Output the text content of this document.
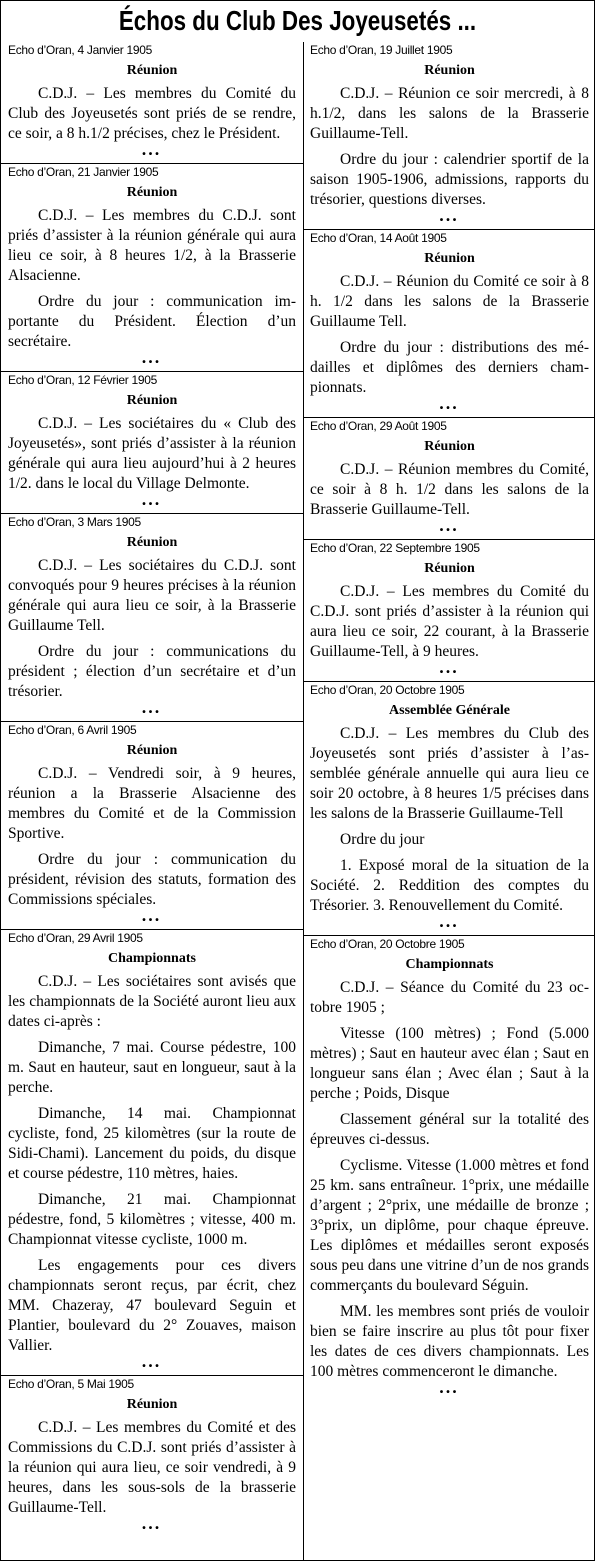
Échos du Club Des Joyeusetés ...
Echo d’Oran, 4 Janvier 1905
Réunion

C.D.J. – Les membres du Comité du Club des Joyeusetés sont priés de se rendre, ce soir, a 8 h.1/2 précises, chez le Président.

•••
Echo d’Oran, 21 Janvier 1905
Réunion

C.D.J. – Les membres du C.D.J. sont priés d’assister à la réunion générale qui aura lieu ce soir, à 8 heures 1/2, à la Brasserie Alsacienne.

Ordre du jour : communication importante du Président. Élection d’un secrétaire.

•••
Echo d’Oran, 12 Février 1905
Réunion

C.D.J. – Les sociétaires du « Club des Joyeusetés», sont priés d’assister à la réunion générale qui aura lieu aujourd’hui à 2 heures 1/2. dans le local du Village Delmonte.

•••
Echo d’Oran, 3 Mars 1905
Réunion

C.D.J. – Les sociétaires du C.D.J. sont convoqués pour 9 heures précises à la réunion générale qui aura lieu ce soir, à la Brasserie Guillaume Tell.

Ordre du jour : communications du président ; élection d’un secrétaire et d’un trésorier.

•••
Echo d’Oran, 6 Avril 1905
Réunion

C.D.J. – Vendredi soir, à 9 heures, réunion a la Brasserie Alsacienne des membres du Comité et de la Commission Sportive.

Ordre du jour : communication du président, révision des statuts, formation des Commissions spéciales.

•••
Echo d’Oran, 29 Avril 1905
Championnats

C.D.J. – Les sociétaires sont avisés que les championnats de la Société auront lieu aux dates ci-après :

Dimanche, 7 mai. Course pédestre, 100 m. Saut en hauteur, saut en longueur, saut à la perche.

Dimanche, 14 mai. Championnat cycliste, fond, 25 kilomètres (sur la route de Sidi-Chami). Lancement du poids, du disque et course pédestre, 110 mètres, haies.

Dimanche, 21 mai. Championnat pédestre, fond, 5 kilomètres ; vitesse, 400 m. Championnat vitesse cycliste, 1000 m.

Les engagements pour ces divers championnats seront reçus, par écrit, chez MM. Chazeray, 47 boulevard Seguin et Plantier, boulevard du 2° Zouaves, maison Vallier.

•••
Echo d’Oran, 5 Mai 1905
Réunion

C.D.J. – Les membres du Comité et des Commissions du C.D.J. sont priés d’assister à la réunion qui aura lieu, ce soir vendredi, à 9 heures, dans les sous-sols de la brasserie Guillaume-Tell.

•••
Echo d’Oran, 19 Juillet 1905
Réunion

C.D.J. – Réunion ce soir mercredi, à 8 h.1/2, dans les salons de la Brasserie Guillaume-Tell.

Ordre du jour : calendrier sportif de la saison 1905-1906, admissions, rapports du trésorier, questions diverses.

•••
Echo d’Oran, 14 Août 1905
Réunion

C.D.J. – Réunion du Comité ce soir à 8 h. 1/2 dans les salons de la Brasserie Guillaume Tell.

Ordre du jour : distributions des médailles et diplômes des derniers championnats.

•••
Echo d’Oran, 29 Août 1905
Réunion

C.D.J. – Réunion membres du Comité, ce soir à 8 h. 1/2 dans les salons de la Brasserie Guillaume-Tell.

•••
Echo d’Oran, 22 Septembre 1905
Réunion

C.D.J. – Les membres du Comité du C.D.J. sont priés d’assister à la réunion qui aura lieu ce soir, 22 courant, à la Brasserie Guillaume-Tell, à 9 heures.

•••
Echo d’Oran, 20 Octobre 1905
Assemblée Générale

C.D.J. – Les membres du Club des Joyeusetés sont priés d’assister à l’assemblée générale annuelle qui aura lieu ce soir 20 octobre, à 8 heures 1/5 précises dans les salons de la Brasserie Guillaume-Tell

Ordre du jour

1. Exposé moral de la situation de la Société. 2. Reddition des comptes du Trésorier. 3. Renouvellement du Comité.

•••
Echo d’Oran, 20 Octobre 1905
Championnats

C.D.J. – Séance du Comité du 23 octobre 1905 ;

Vitesse (100 mètres) ; Fond (5.000 mètres) ; Saut en hauteur avec élan ; Saut en longueur sans élan ; Avec élan ; Saut à la perche ; Poids, Disque

Classement général sur la totalité des épreuves ci-dessus.

Cyclisme. Vitesse (1.000 mètres et fond 25 km. sans entraîneur. 1°prix, une médaille d’argent ; 2°prix, une médaille de bronze ; 3°prix, un diplôme, pour chaque épreuve. Les diplômes et médailles seront exposés sous peu dans une vitrine d’un de nos grands commerçants du boulevard Séguin.

MM. les membres sont priés de vouloir bien se faire inscrire au plus tôt pour fixer les dates de ces divers championnats. Les 100 mètres commenceront le dimanche.

•••
